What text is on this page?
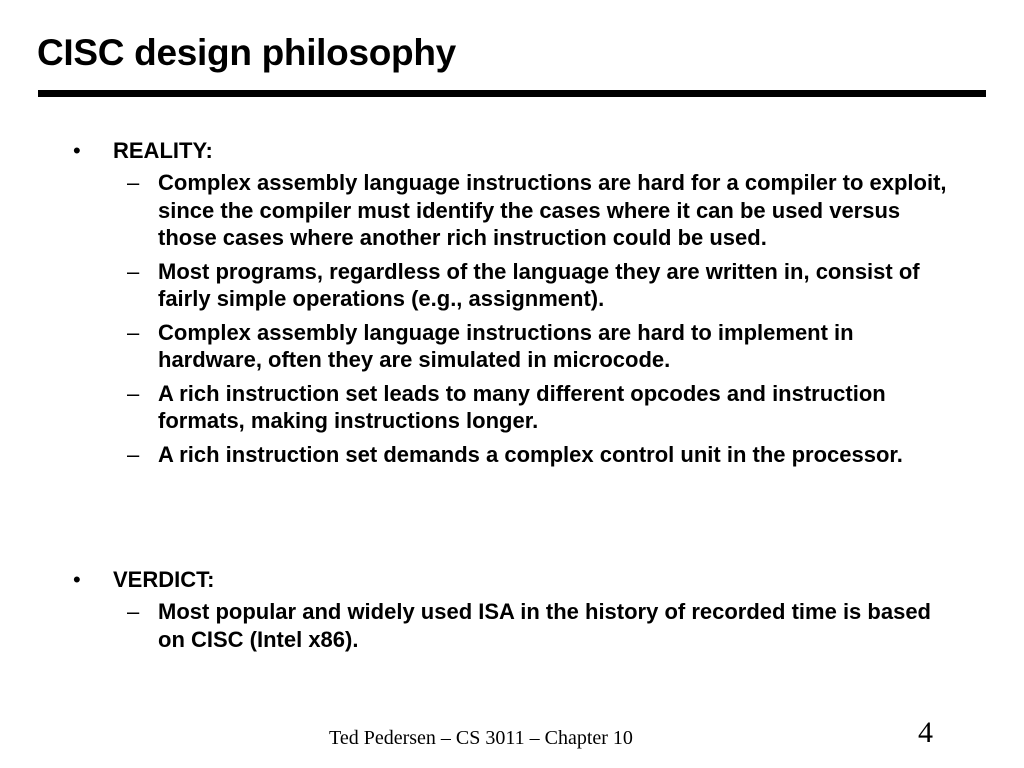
CISC design philosophy
• REALITY:
– Complex assembly language instructions are hard for a compiler to exploit, since the compiler must identify the cases where it can be used versus those cases where another rich instruction could be used.
– Most programs, regardless of the language they are written in, consist of fairly simple operations (e.g., assignment).
– Complex assembly language instructions are hard to implement in hardware, often they are simulated in microcode.
– A rich instruction set leads to many different opcodes and instruction formats, making instructions longer.
– A rich instruction set demands a complex control unit in the processor.
• VERDICT:
– Most popular and widely used ISA in the history of recorded time is based on CISC (Intel x86).
Ted Pedersen – CS 3011 – Chapter 10	4
